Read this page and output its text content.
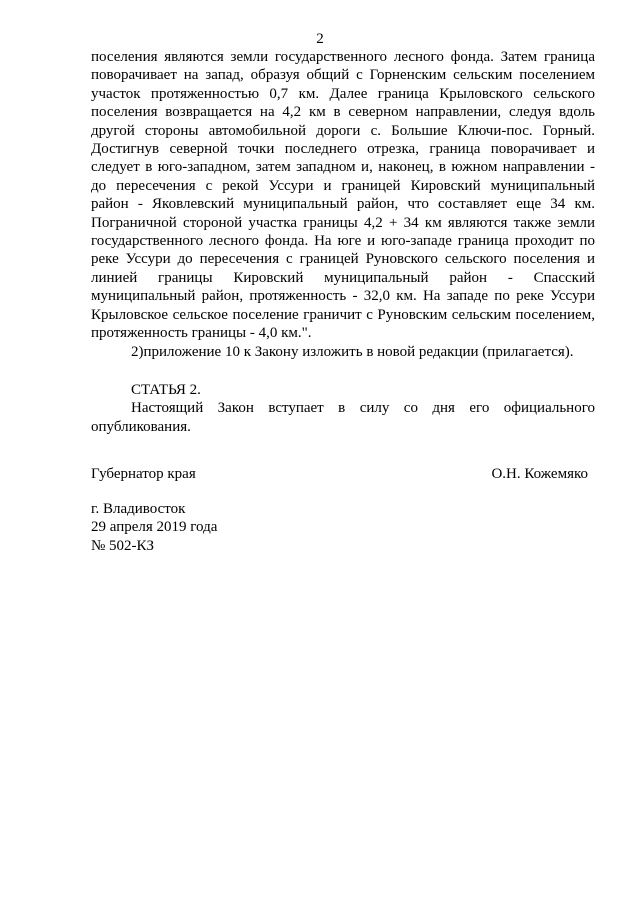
2

поселения являются земли государственного лесного фонда. Затем граница

поворачивает на запад, образуя общий с Горненским сельским поселением

участок протяженностью 0,7 км. Далее граница Крыловского сельского

поселения возвращается на 4,2 км в северном направлении, следуя вдоль

другой стороны автомобильной дороги с. Большие Ключи-пос. Горный.

Достигнув северной точки последнего отрезка, граница поворачивает и

следует в юго-западном, затем западном и, наконец, в южном направлении -

до пересечения с рекой Уссури и границей Кировский муниципальный

район - Яковлевский муниципальный район, что составляет еще 34 км.

Пограничной стороной участка границы 4,2 + 34 км являются также земли

государственного лесного фонда. На юге и юго-западе граница проходит по

реке Уссури до пересечения с границей Руновского сельского поселения и

линией границы Кировский муниципальный район - Спасский

муниципальный район, протяженность - 32,0 км. На западе по реке Уссури

Крыловское сельское поселение граничит с Руновским сельским поселением,

протяженность границы - 4,0 км.".

2)приложение 10 к Закону изложить в новой редакции (прилагается).
СТАТЬЯ 2.
Настоящий Закон вступает в силу со дня его официального
опубликования.
Губернатор края	О.Н. Кожемяко
г. Владивосток
29 апреля 2019 года
№ 502-КЗ
